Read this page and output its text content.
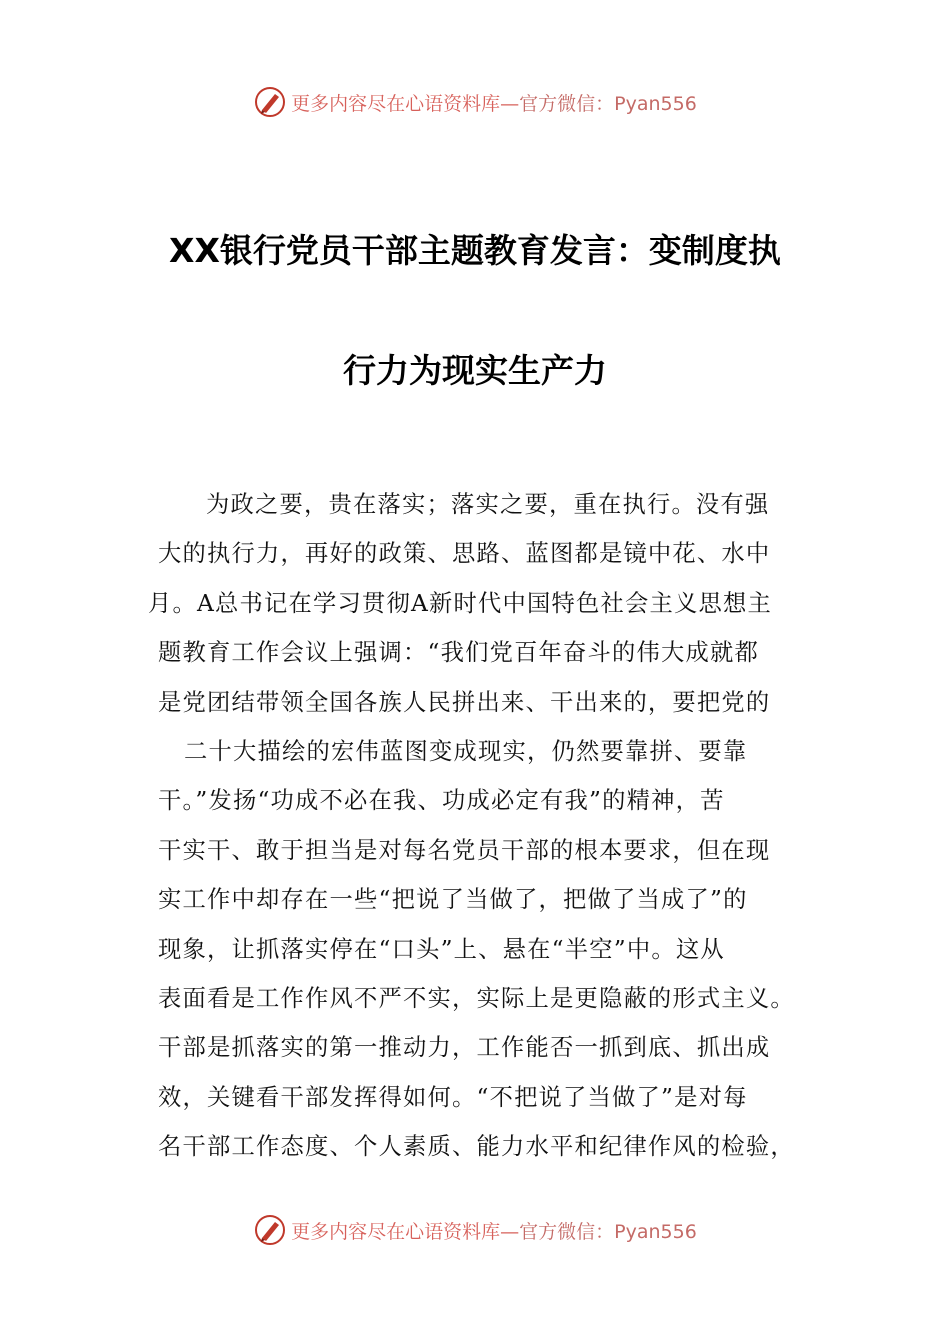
更多内容尽在心语资料库— 官方微信：Pyan556
XX银行党员干部主题教育发言：变制度执
行力为现实生产力

为政之要，贵在落实；落实之要，重在执行。没有强
大的执行力，再好的政策、思路、蓝图都是镜中花、水中
月。A总书记在学习贯彻A新时代中国特色社会主义思想主
题教育工作会议上强调：“我们党百年奋斗的伟大成就都
是党团结带领全国各族人民拼出来、干出来的，要把党的
二十大描绘的宏伟蓝图变成现实，仍然要靠拼、要靠
干。”发扬“功成不必在我、功成必定有我”的精神，苦
干实干、敢于担当是对每名党员干部的根本要求，但在现
实工作中却存在一些“把说了当做了，把做了当成了”的
现象，让抓落实停在“口头”上、悬在“半空”中。这从
表面看是工作作风不严不实，实际上是更隐蔽的形式主义。
干部是抓落实的第一推动力，工作能否一抓到底、抓出成
效，关键看干部发挥得如何。“不把说了当做了”是对每
名干部工作态度、个人素质、能力水平和纪律作风的检验，

更多内容尽在心语资料库— 官方微信：Pyan556
